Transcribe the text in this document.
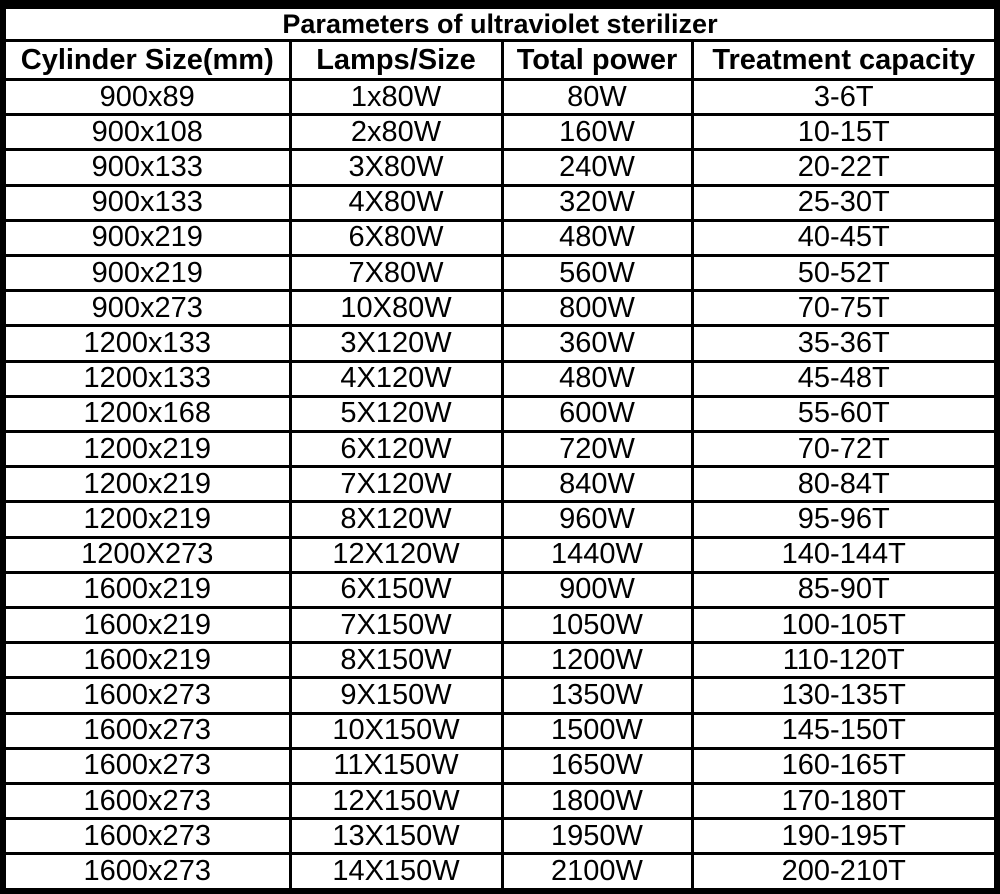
Parameters of ultraviolet sterilizer			
Cylinder Size(mm)	Lamps/Size	Total power	Treatment capacity
900x89	1x80W	80W	3-6T
900x108	2x80W	160W	10-15T
900x133	3X80W	240W	20-22T
900x133	4X80W	320W	25-30T
900x219	6X80W	480W	40-45T
900x219	7X80W	560W	50-52T
900x273	10X80W	800W	70-75T
1200x133	3X120W	360W	35-36T
1200x133	4X120W	480W	45-48T
1200x168	5X120W	600W	55-60T
1200x219	6X120W	720W	70-72T
1200x219	7X120W	840W	80-84T
1200x219	8X120W	960W	95-96T
1200X273	12X120W	1440W	140-144T
1600x219	6X150W	900W	85-90T
1600x219	7X150W	1050W	100-105T
1600x219	8X150W	1200W	110-120T
1600x273	9X150W	1350W	130-135T
1600x273	10X150W	1500W	145-150T
1600x273	11X150W	1650W	160-165T
1600x273	12X150W	1800W	170-180T
1600x273	13X150W	1950W	190-195T
1600x273	14X150W	2100W	200-210T
